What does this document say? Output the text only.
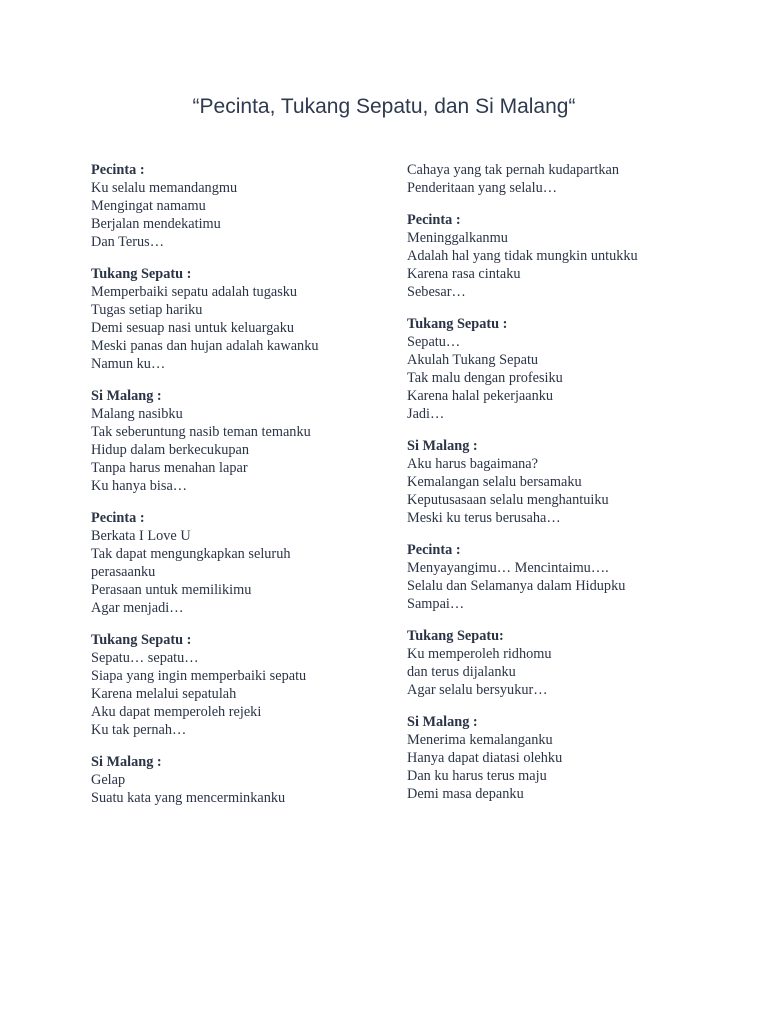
“Pecinta, Tukang Sepatu, dan Si Malang“
Pecinta :
Ku selalu memandangmu
Mengingat namamu
Berjalan mendekatimu
Dan Terus…
Tukang Sepatu :
Memperbaiki sepatu adalah tugasku
Tugas setiap hariku
Demi sesuap nasi untuk keluargaku
Meski panas dan hujan adalah kawanku
Namun ku…
Si Malang :
Malang nasibku
Tak seberuntung nasib teman temanku
Hidup dalam berkecukupan
Tanpa harus menahan lapar
Ku hanya bisa…
Pecinta :
Berkata I Love U
Tak dapat mengungkapkan seluruh
perasaanku
Perasaan untuk memilikimu
Agar menjadi…
Tukang Sepatu :
Sepatu… sepatu…
Siapa yang ingin memperbaiki sepatu
Karena melalui sepatulah
Aku dapat memperoleh rejeki
Ku tak pernah…
Si Malang :
Gelap
Suatu kata yang mencerminkanku
Cahaya yang tak pernah kudapartkan
Penderitaan yang selalu…
Pecinta :
Meninggalkanmu
Adalah hal yang tidak mungkin untukku
Karena rasa cintaku
Sebesar…
Tukang Sepatu :
Sepatu…
Akulah Tukang Sepatu
Tak malu dengan profesiku
Karena halal pekerjaanku
Jadi…
Si Malang :
Aku harus bagaimana?
Kemalangan selalu bersamaku
Keputusasaan selalu menghantuiku
Meski ku terus berusaha…
Pecinta :
Menyayangimu… Mencintaimu….
Selalu dan Selamanya dalam Hidupku
Sampai…
Tukang Sepatu:
Ku memperoleh ridhomu
dan terus dijalanku
Agar selalu bersyukur…
Si Malang :
Menerima kemalanganku
Hanya dapat diatasi olehku
Dan ku harus terus maju
Demi masa depanku
